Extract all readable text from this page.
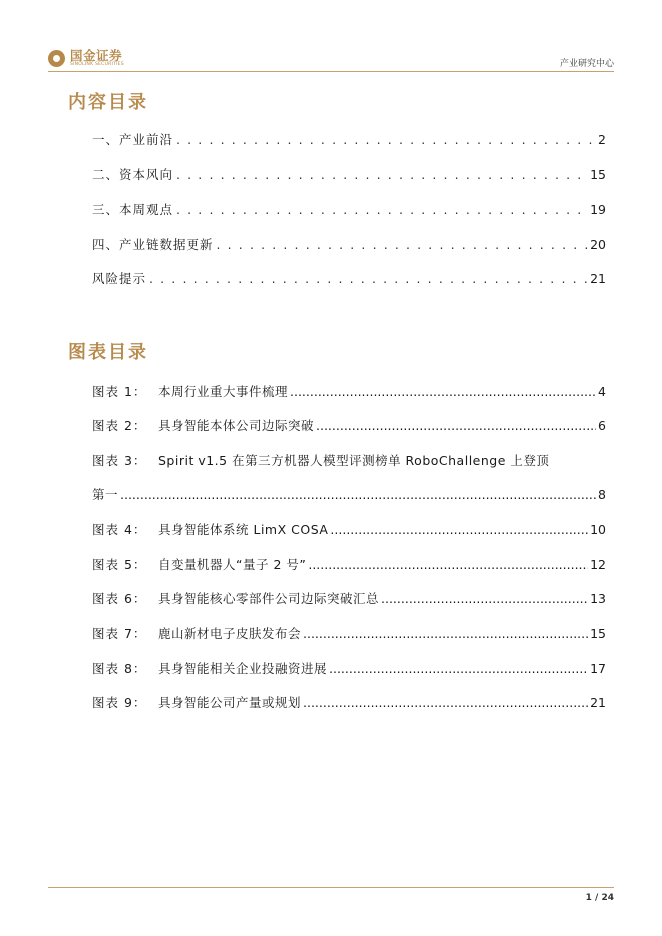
国金证券
SINOLINK SECURITIES	产业研究中心
内容目录
一、产业前沿 . . .	2
二、资本风向 . . .	15
三、本周观点 . . .	19
四、产业链数据更新 . . .	20
风险提示 . . .	21
图表目录
图表 1： 本周行业重大事件梳理 .....	4
图表 2： 具身智能本体公司边际突破 .....	6
图表 3： Spirit v1.5 在第三方机器人模型评测榜单 RoboChallenge 上登顶
第一 .....	8
图表 4： 具身智能体系统 LimX COSA .....	10
图表 5： 自变量机器人“量子 2 号” .....	12
图表 6： 具身智能核心零部件公司边际突破汇总 .....	13
图表 7： 鹿山新材电子皮肤发布会 .....	15
图表 8： 具身智能相关企业投融资进展 .....	17
图表 9： 具身智能公司产量或规划 .....	21
1 / 24
